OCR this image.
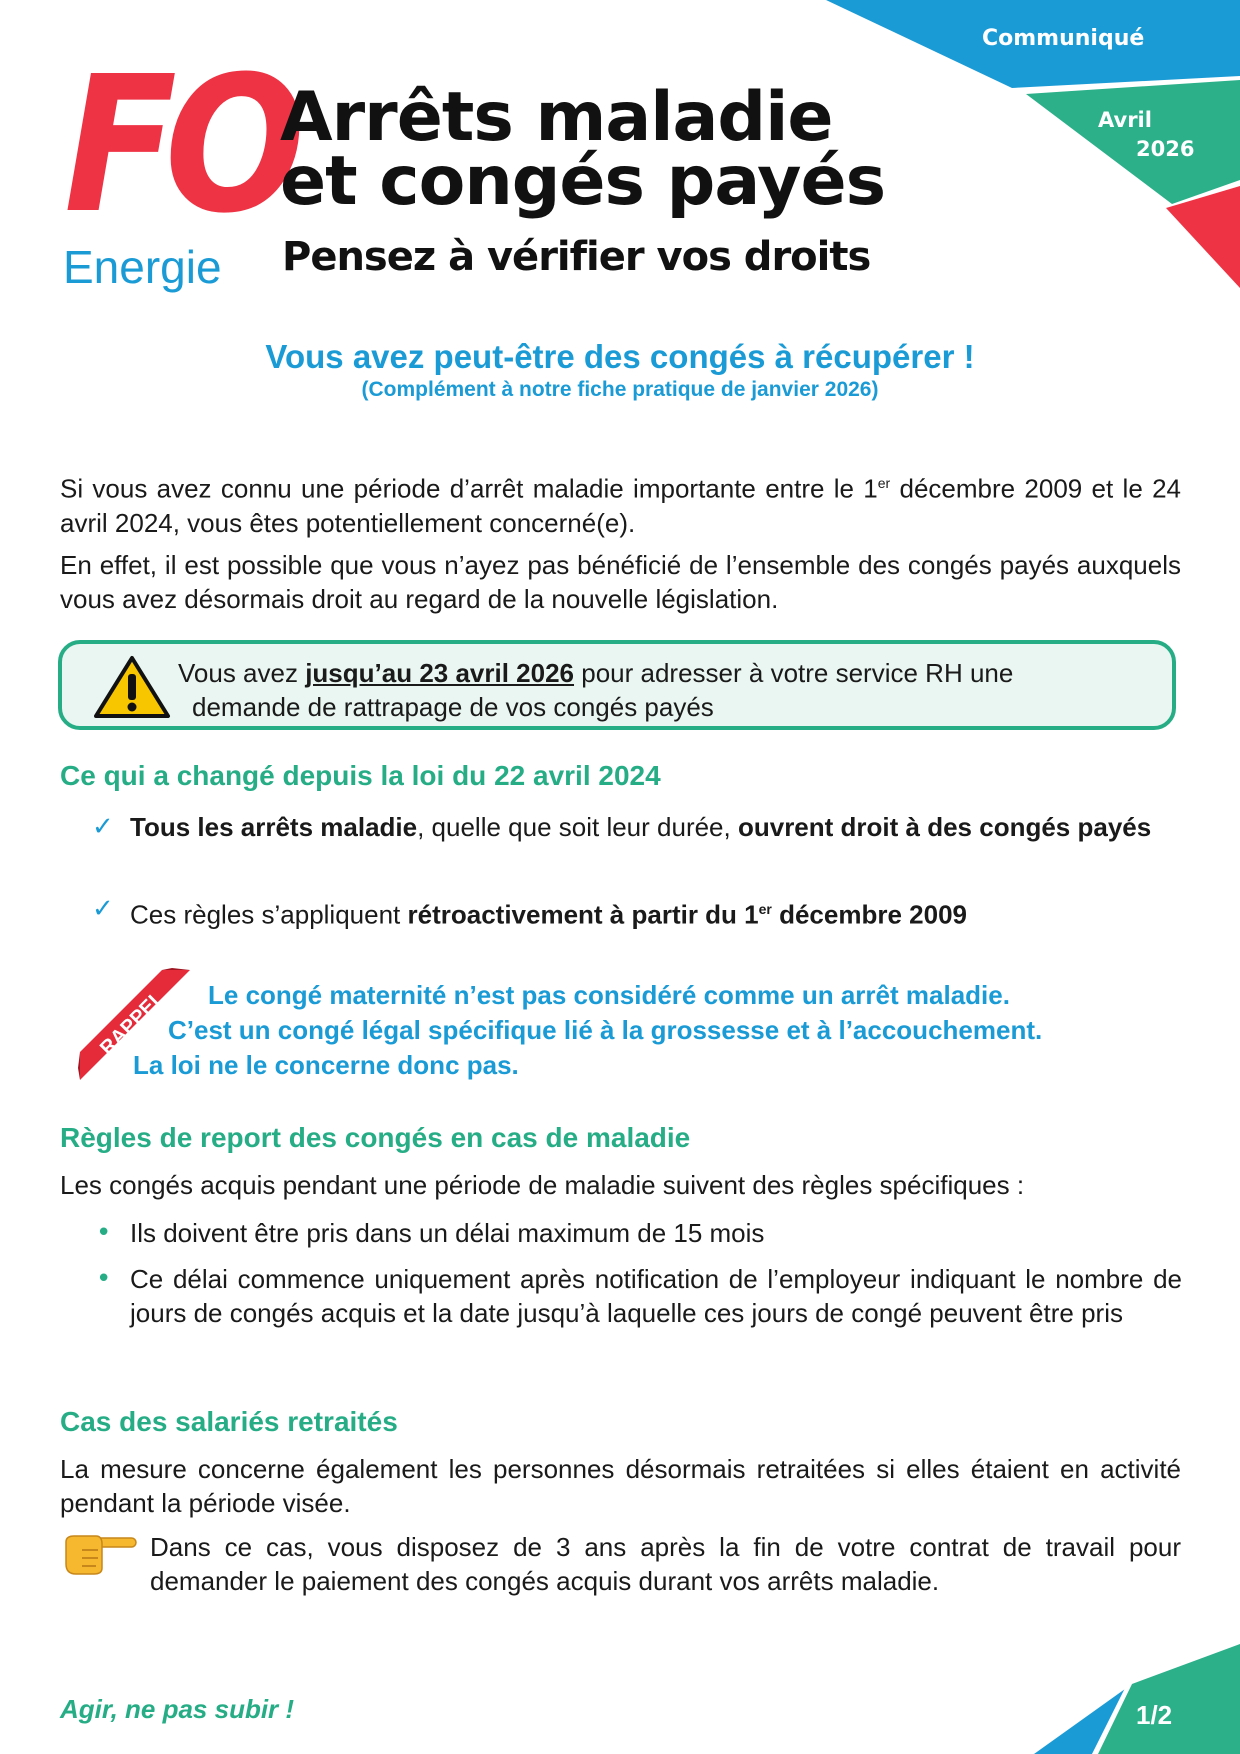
Communiqué
Avril
2026
FO
Energie
Arrêts maladie
et congés payés
Pensez à vérifier vos droits
Vous avez peut-être des congés à récupérer !
(Complément à notre fiche pratique de janvier 2026)
Si vous avez connu une période d’arrêt maladie importante entre le 1er décembre 2009 et le 24 avril 2024, vous êtes potentiellement concerné(e).
En effet, il est possible que vous n’ayez pas bénéficié de l’ensemble des congés payés auxquels vous avez désormais droit au regard de la nouvelle législation.
Vous avez jusqu’au 23 avril 2026 pour adresser à votre service RH une
demande de rattrapage de vos congés payés
Ce qui a changé depuis la loi du 22 avril 2024
✓ Tous les arrêts maladie, quelle que soit leur durée, ouvrent droit à des congés payés
✓ Ces règles s’appliquent rétroactivement à partir du 1er décembre 2009
RAPPEL Le congé maternité n’est pas considéré comme un arrêt maladie.
C’est un congé légal spécifique lié à la grossesse et à l’accouchement.
La loi ne le concerne donc pas.
Règles de report des congés en cas de maladie
Les congés acquis pendant une période de maladie suivent des règles spécifiques :
• Ils doivent être pris dans un délai maximum de 15 mois
• Ce délai commence uniquement après notification de l’employeur indiquant le nombre de jours de congés acquis et la date jusqu’à laquelle ces jours de congé peuvent être pris
Cas des salariés retraités
La mesure concerne également les personnes désormais retraitées si elles étaient en activité pendant la période visée.
Dans ce cas, vous disposez de 3 ans après la fin de votre contrat de travail pour demander le paiement des congés acquis durant vos arrêts maladie.
Agir, ne pas subir !	1/2
